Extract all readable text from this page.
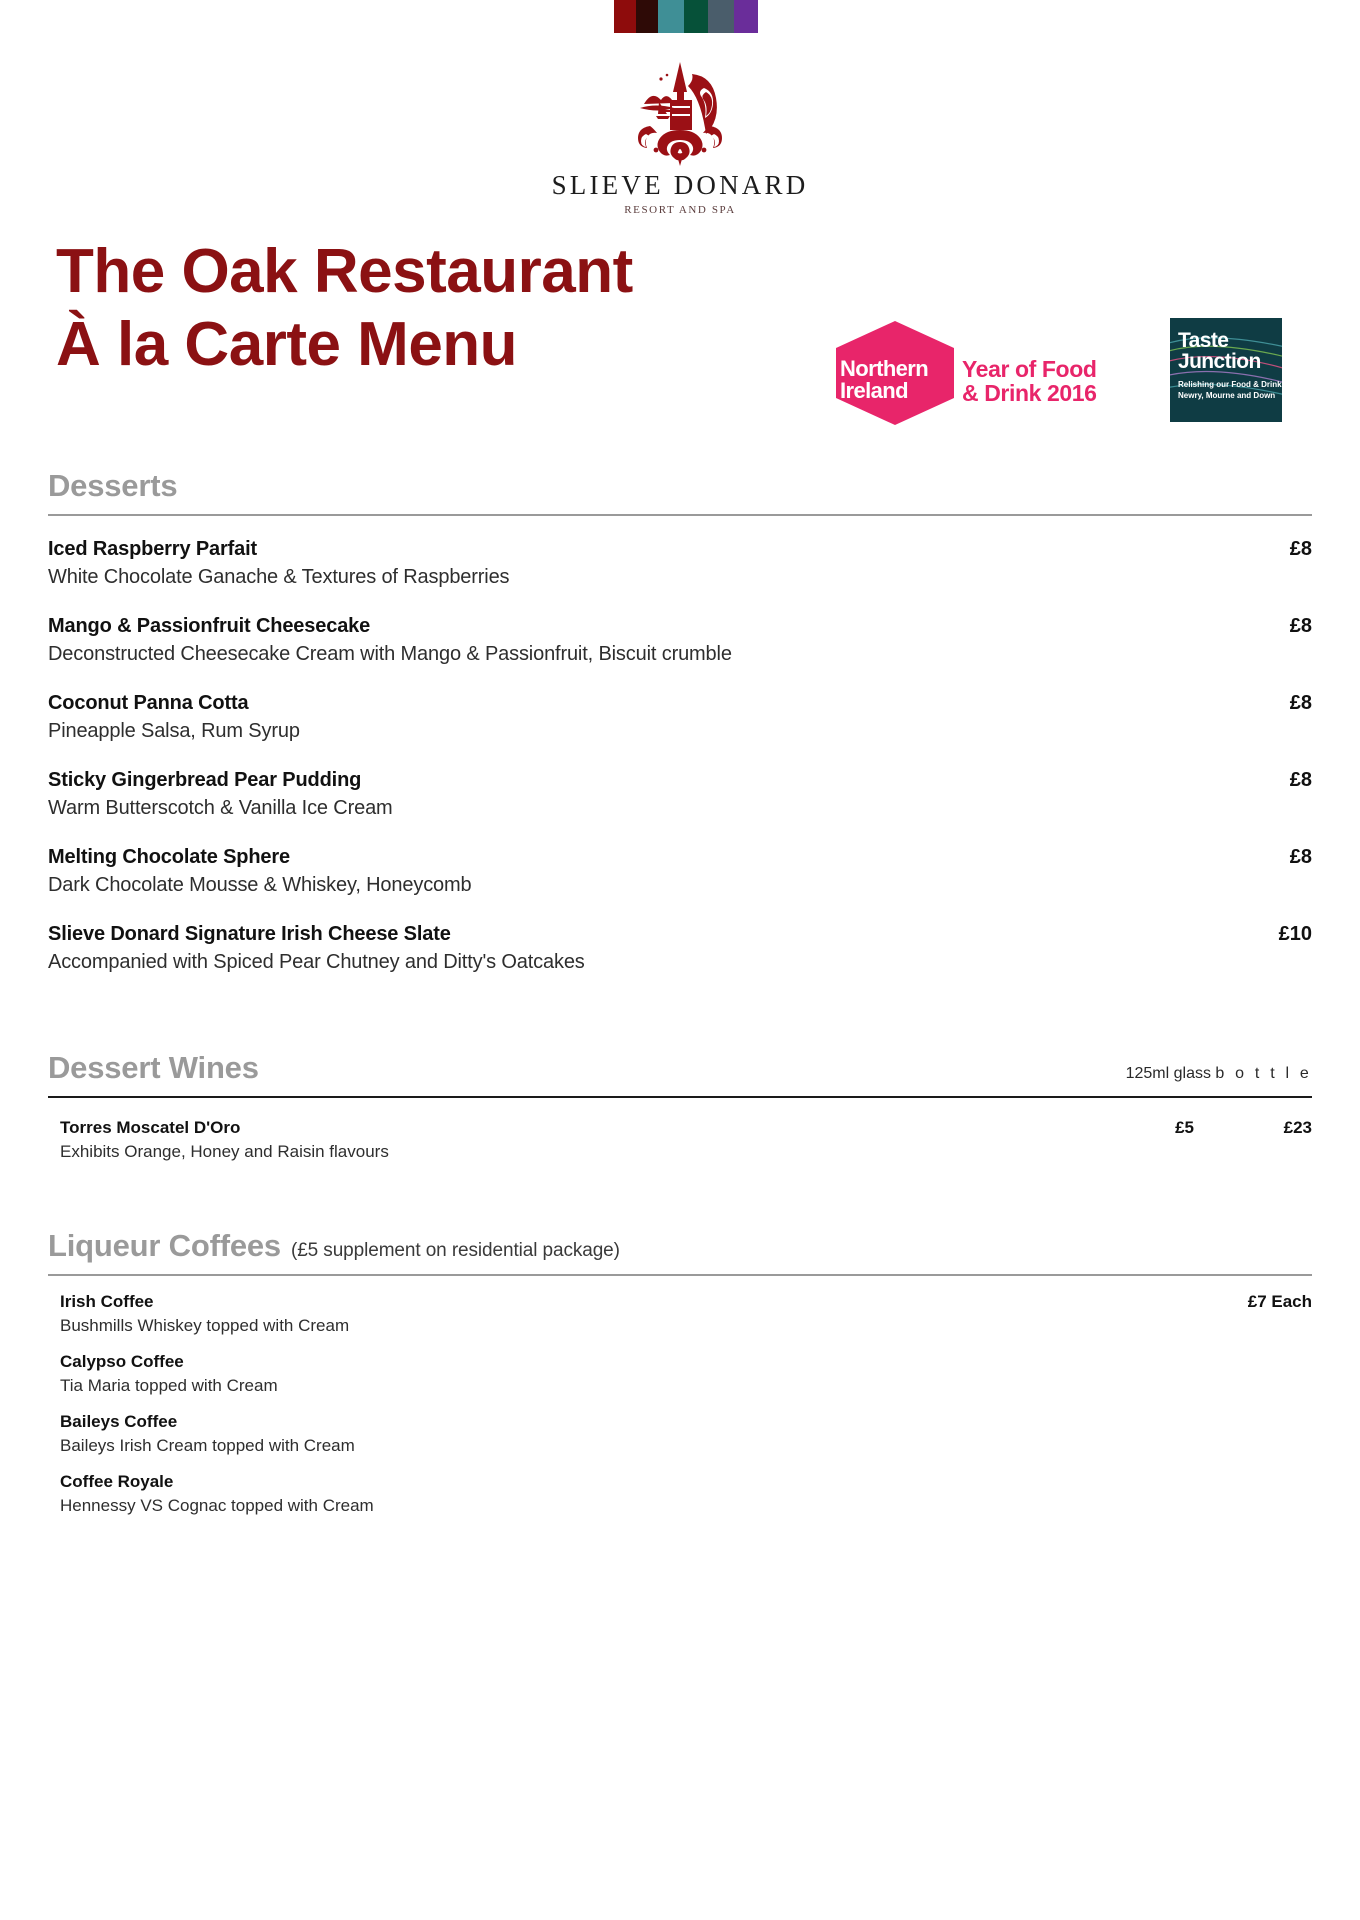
SLIEVE DONARD
RESORT AND SPA
The Oak Restaurant
À la Carte Menu	Northern
Ireland
Year of Food
& Drink 2016
Taste
Junction
Relishing our Food & Drink
Newry, Mourne and Down
Desserts
Iced Raspberry Parfait	£8
White Chocolate Ganache & Textures of Raspberries
Mango & Passionfruit Cheesecake	£8
Deconstructed Cheesecake Cream with Mango & Passionfruit, Biscuit crumble
Coconut Panna Cotta	£8
Pineapple Salsa, Rum Syrup
Sticky Gingerbread Pear Pudding	£8
Warm Butterscotch & Vanilla Ice Cream
Melting Chocolate Sphere	£8
Dark Chocolate Mousse & Whiskey, Honeycomb
Slieve Donard Signature Irish Cheese Slate	£10
Accompanied with Spiced Pear Chutney and Ditty's Oatcakes
Dessert Wines	125ml glass b o t t l e
Torres Moscatel D'Oro	£5	£23
Exhibits Orange, Honey and Raisin flavours
Liqueur Coffees (£5 supplement on residential package)
Irish Coffee	£7 Each
Bushmills Whiskey topped with Cream
Calypso Coffee
Tia Maria topped with Cream
Baileys Coffee
Baileys Irish Cream topped with Cream
Coffee Royale
Hennessy VS Cognac topped with Cream
